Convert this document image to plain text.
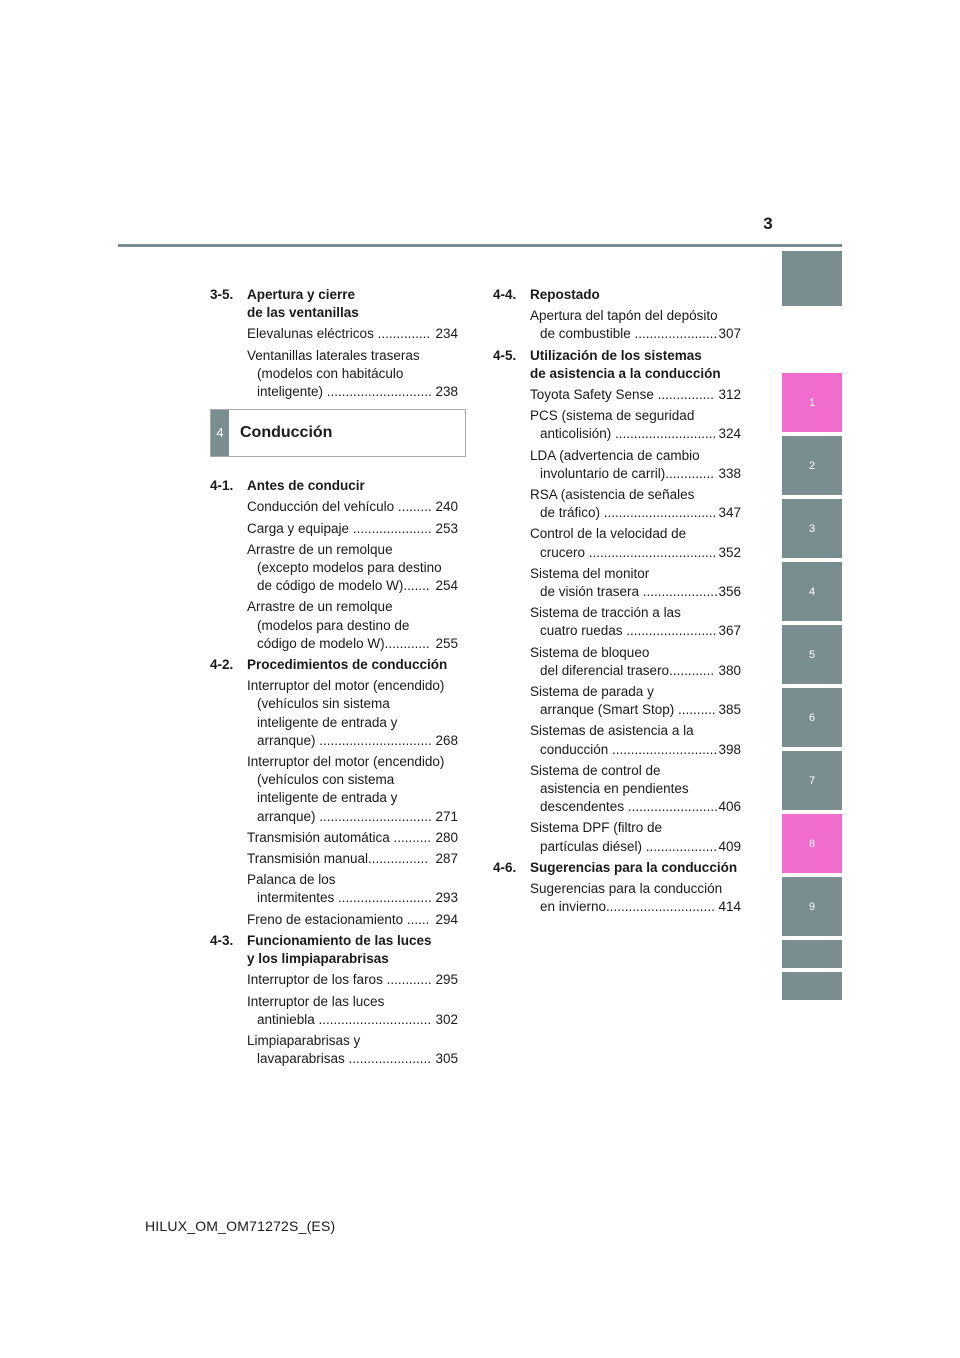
3
3-5. Apertura y cierre
de las ventanillas
Elevalunas eléctricos .............. 234
Ventanillas laterales traseras
(modelos con habitáculo
inteligente) ............................ 238
4	Conducción
4-1. Antes de conducir
Conducción del vehículo ......... 240
Carga y equipaje ..................... 253
Arrastre de un remolque
(excepto modelos para destino
de código de modelo W)....... 254
Arrastre de un remolque
(modelos para destino de
código de modelo W)............ 255
4-2. Procedimientos de conducción
Interruptor del motor (encendido)
(vehículos sin sistema
inteligente de entrada y
arranque) .............................. 268
Interruptor del motor (encendido)
(vehículos con sistema
inteligente de entrada y
arranque) .............................. 271
Transmisión automática .......... 280
Transmisión manual................ 287
Palanca de los
intermitentes ......................... 293
Freno de estacionamiento ...... 294
4-3. Funcionamiento de las luces
y los limpiaparabrisas
Interruptor de los faros ............ 295
Interruptor de las luces
antiniebla .............................. 302
Limpiaparabrisas y
lavaparabrisas ...................... 305
4-4. Repostado
Apertura del tapón del depósito
de combustible ...................... 307
4-5. Utilización de los sistemas
de asistencia a la conducción
Toyota Safety Sense ............... 312
PCS (sistema de seguridad
anticolisión) ........................... 324
LDA (advertencia de cambio
involuntario de carril)............. 338
RSA (asistencia de señales
de tráfico) .............................. 347
Control de la velocidad de
crucero .................................. 352
Sistema del monitor
de visión trasera .................... 356
Sistema de tracción a las
cuatro ruedas ........................ 367
Sistema de bloqueo
del diferencial trasero............ 380
Sistema de parada y
arranque (Smart Stop) .......... 385
Sistemas de asistencia a la
conducción ............................ 398
Sistema de control de
asistencia en pendientes
descendentes ........................ 406
Sistema DPF (filtro de
partículas diésel) ................... 409
4-6. Sugerencias para la conducción
Sugerencias para la conducción
en invierno............................. 414
1
2
3
4
5
6
7
8
9
HILUX_OM_OM71272S_(ES)
